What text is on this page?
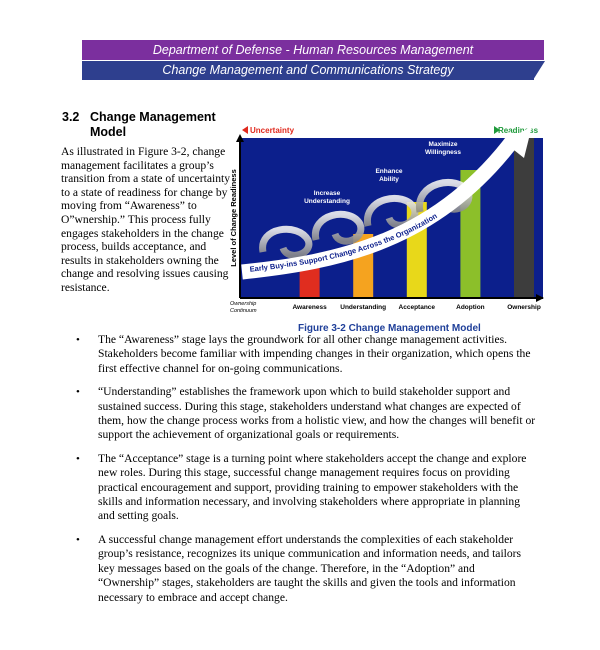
Department of Defense - Human Resources Management
Change Management and Communications Strategy
3.2 Change Management Model

As illustrated in Figure 3-2, change management facilitates a group’s transition from a state of uncertainty to a state of readiness for change by moving from “Awareness” to O”wnership.” This process fully engages stakeholders in the change process, builds acceptance, and results in stakeholders owning the change and resolving issues causing resistance.

Uncertainty	Readiness
Early Buy-ins Support Change Across the Organization
Increase
Understanding
Enhance
Ability
Maximize
Willingness
Level of Change Readiness
Ownership
Continuum	Awareness Understanding Acceptance	Adoption	Ownership
Figure 3-2 Change Management Model
• The “Awareness” stage lays the groundwork for all other change management activities. Stakeholders become familiar with impending changes in their organization, which opens the first effective channel for on-going communications.
• “Understanding” establishes the framework upon which to build stakeholder support and sustained success. During this stage, stakeholders understand what changes are expected of them, how the change process works from a holistic view, and how the changes will benefit or support the achievement of organizational goals or requirements.
• The “Acceptance” stage is a turning point where stakeholders accept the change and explore new roles. During this stage, successful change management requires focus on providing practical encouragement and support, providing training to empower stakeholders with the skills and information necessary, and involving stakeholders where appropriate in planning and setting goals.
• A successful change management effort understands the complexities of each stakeholder group’s resistance, recognizes its unique communication and information needs, and tailors key messages based on the goals of the change. Therefore, in the “Adoption” and “Ownership” stages, stakeholders are taught the skills and given the tools and information necessary to embrace and accept change.
